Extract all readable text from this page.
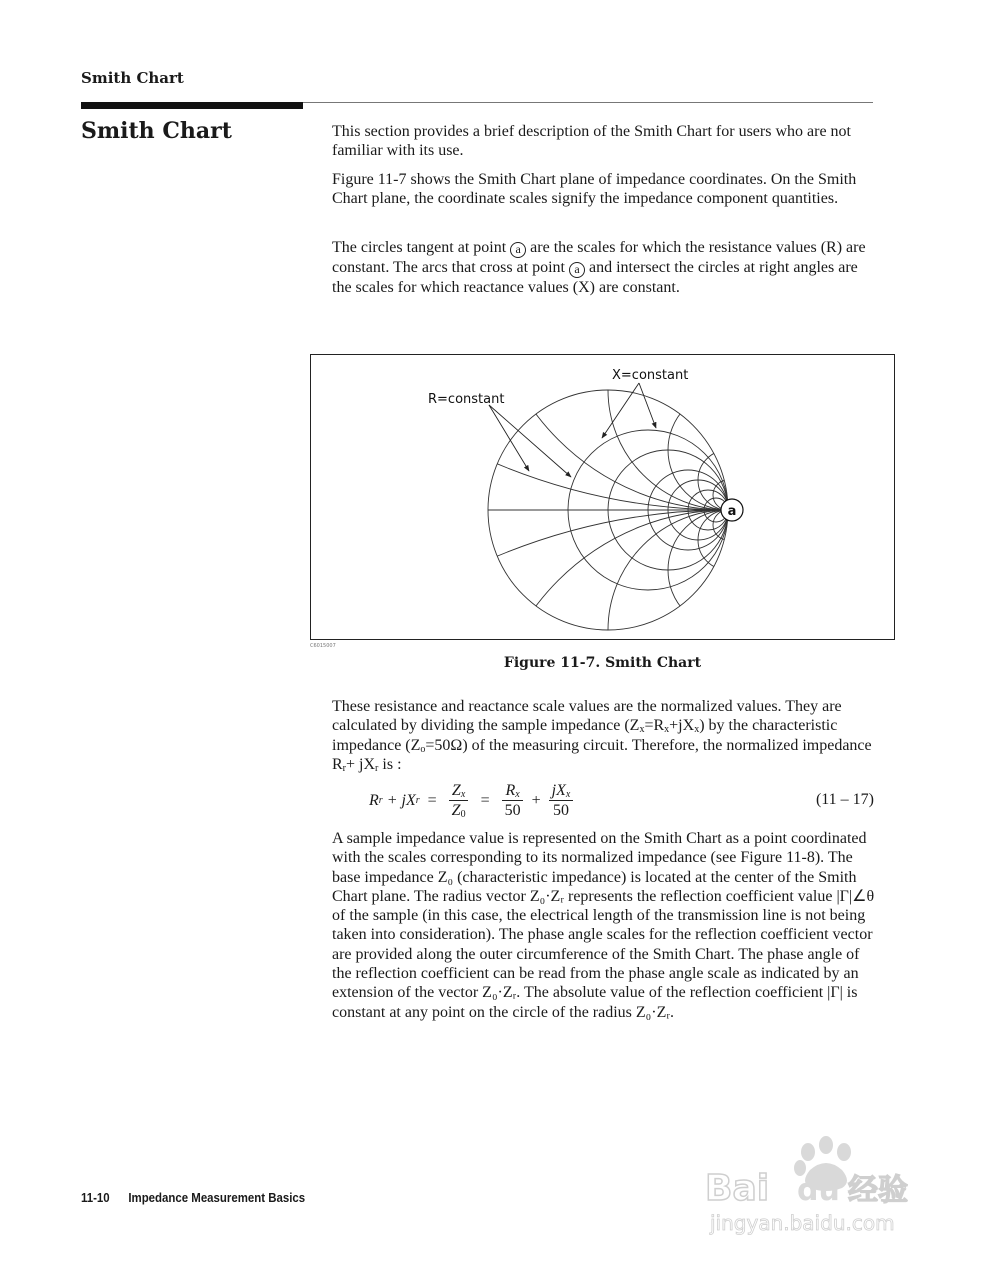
Smith Chart
Smith Chart	This section provides a brief description of the Smith Chart for users who are not familiar with its use.

Figure 11-7 shows the Smith Chart plane of impedance coordinates. On the Smith Chart plane, the coordinate scales signify the impedance component quantities.

The circles tangent at point a are the scales for which the resistance values (R) are constant. The arcs that cross at point a and intersect the circles at right angles are the scales for which reactance values (X) are constant.

R=constant
X=constant
a
C6015007
Figure 11-7. Smith Chart

These resistance and reactance scale values are the normalized values. They are calculated by dividing the sample impedance $(Z_x=R_x+jX_x)$ by the characteristic impedance $(Z_o=50\Omega)$ of the measuring circuit. Therefore, the normalized impedance $R_r+ jX_r$ is :

R r + j X $r = \frac{Z_x}{Z_0} = \frac{R_x}{50} + \frac{jX_x}{50}$	(11 – 17)

A sample impedance value is represented on the Smith Chart as a point coordinated with the scales corresponding to its normalized impedance (see Figure 11-8). The base impedance Z₀ (characteristic impedance) is located at the center of the Smith Chart plane. The radius vector Z₀·Zᵣ represents the reflection coefficient value |Γ|∠θ of the sample (in this case, the electrical length of the transmission line is not being taken into consideration). The phase angle scales for the reflection coefficient vector are provided along the outer circumference of the Smith Chart. The phase angle of the reflection coefficient can be read from the phase angle scale as indicated by an extension of the vector Z₀·Zᵣ. The absolute value of the reflection coefficient |Γ| is constant at any point on the circle of the radius Z₀·Zᵣ.

11-10 Impedance Measurement Basics	Bai du 经验
jingyan.baidu.com
